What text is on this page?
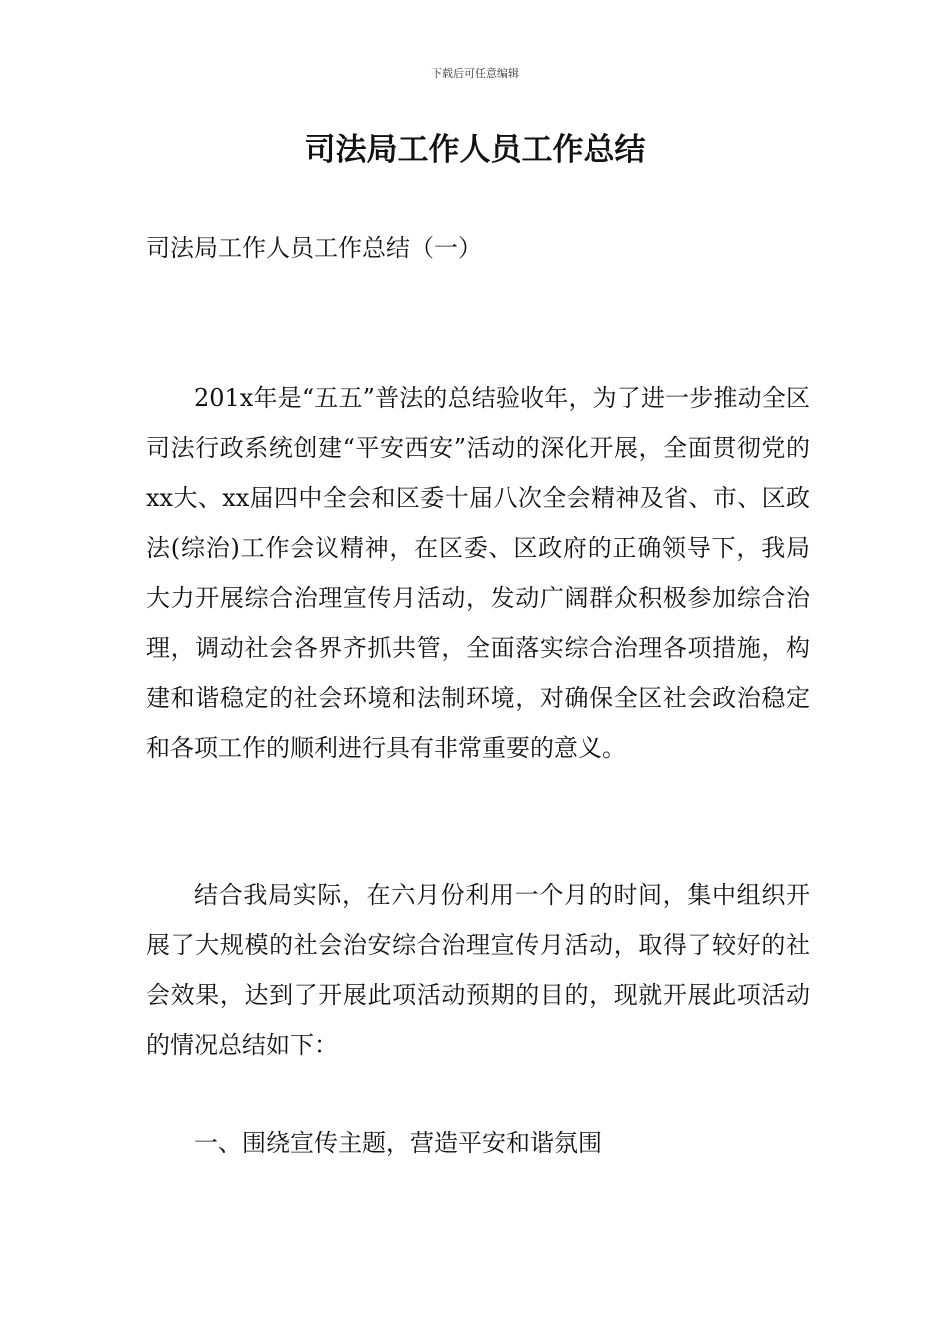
下载后可任意编辑
司法局工作人员工作总结

司法局工作人员工作总结（一）

201x年是“五五”普法的总结验收年，为了进一步推动全区司法行政系统创建“平安西安”活动的深化开展，全面贯彻党的xx大、xx届四中全会和区委十届八次全会精神及省、市、区政法(综治)工作会议精神，在区委、区政府的正确领导下，我局大力开展综合治理宣传月活动，发动广阔群众积极参加综合治理，调动社会各界齐抓共管，全面落实综合治理各项措施，构建和谐稳定的社会环境和法制环境，对确保全区社会政治稳定和各项工作的顺利进行具有非常重要的意义。

结合我局实际，在六月份利用一个月的时间，集中组织开展了大规模的社会治安综合治理宣传月活动，取得了较好的社会效果，达到了开展此项活动预期的目的，现就开展此项活动的情况总结如下：

一、围绕宣传主题，营造平安和谐氛围
